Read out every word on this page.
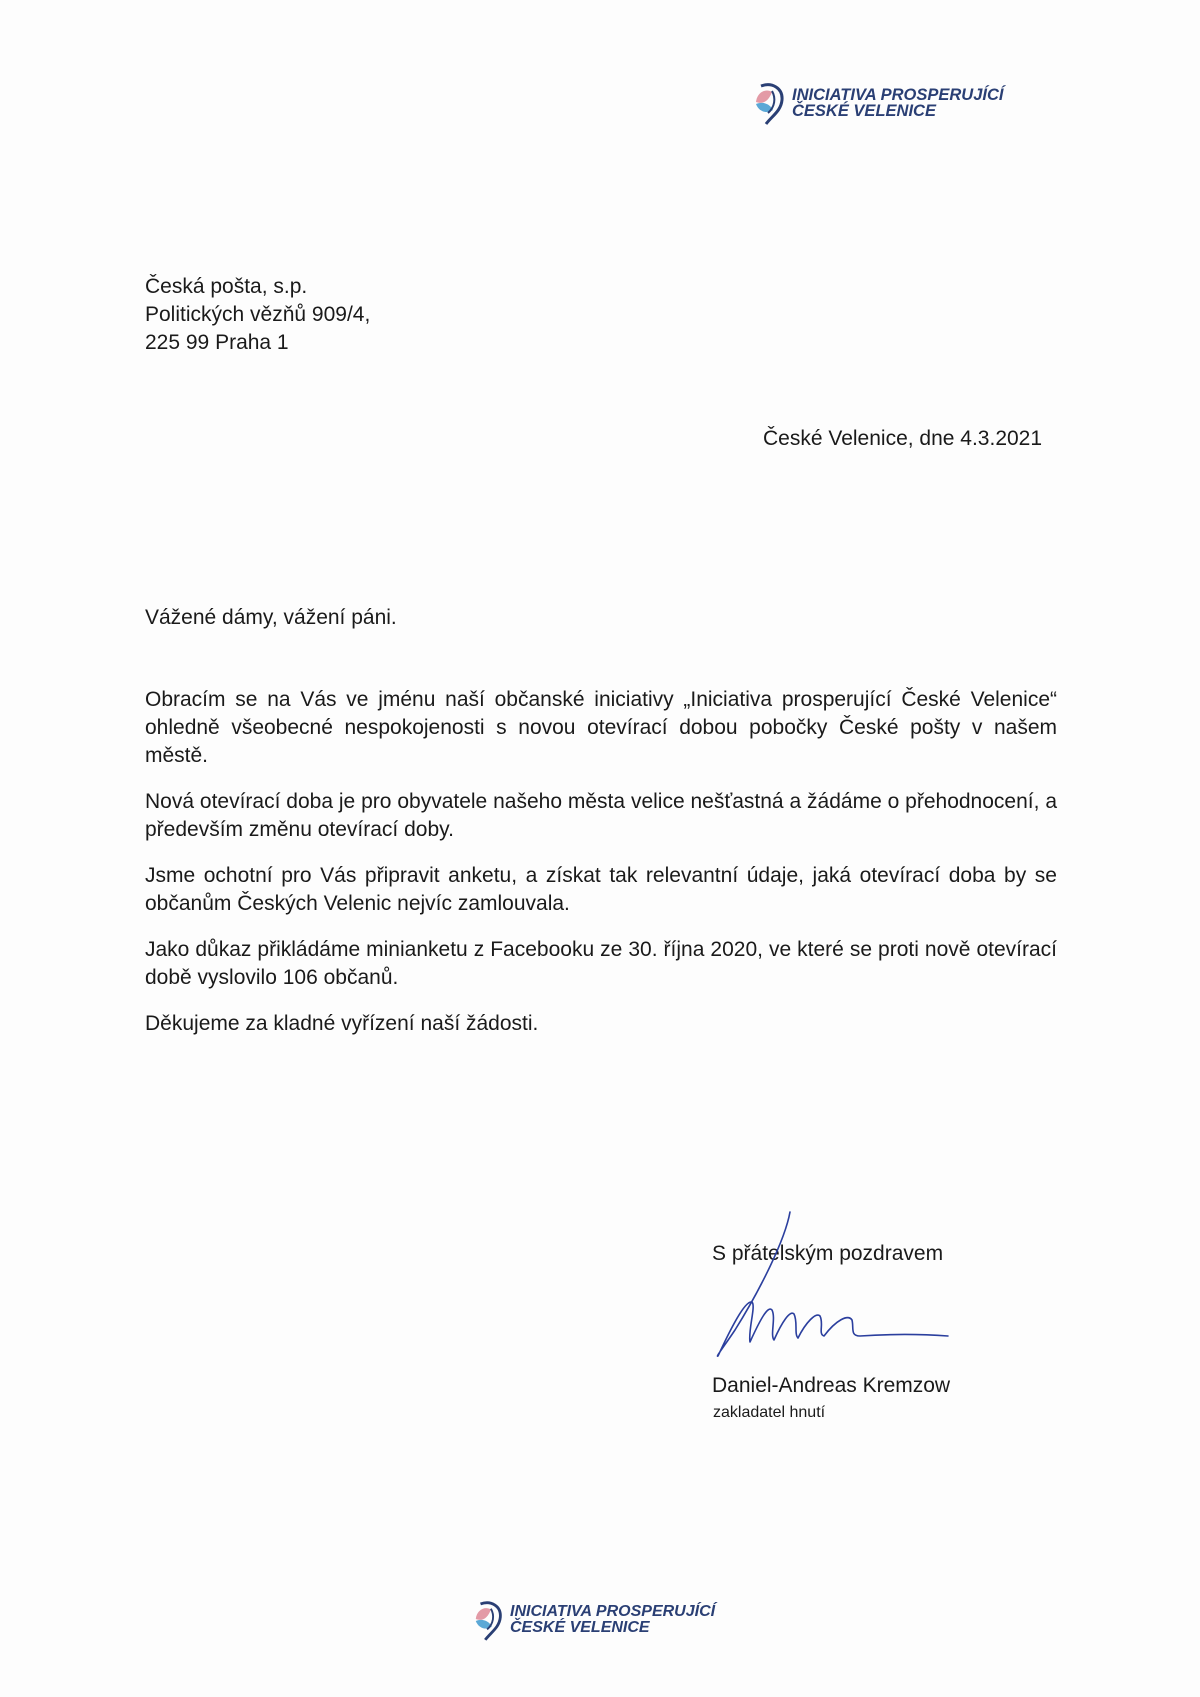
INICIATIVA PROSPERUJÍCÍ
ČESKÉ VELENICE
Česká pošta, s.p.
Politických vězňů 909/4,
225 99 Praha 1
České Velenice, dne 4.3.2021
Vážené dámy, vážení páni.

Obracím se na Vás ve jménu naší občanské iniciativy „Iniciativa prosperující České Velenice“ ohledně všeobecné nespokojenosti s novou otevírací dobou pobočky České pošty v našem městě.

Nová otevírací doba je pro obyvatele našeho města velice nešťastná a žádáme o přehodnocení, a především změnu otevírací doby.

Jsme ochotní pro Vás připravit anketu, a získat tak relevantní údaje, jaká otevírací doba by se občanům Českých Velenic nejvíc zamlouvala.

Jako důkaz přikládáme minianketu z Facebooku ze 30. října 2020, ve které se proti nově otevírací době vyslovilo 106 občanů.

Děkujeme za kladné vyřízení naší žádosti.

S přátelským pozdravem
Daniel-Andreas Kremzow
zakladatel hnutí
INICIATIVA PROSPERUJÍCÍ
ČESKÉ VELENICE
